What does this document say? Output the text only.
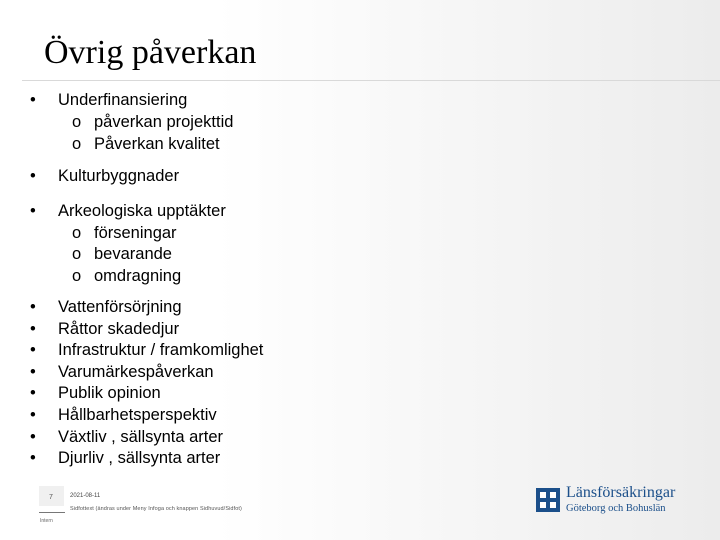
Övrig påverkan
• Underfinansiering
o påverkan projekttid
o Påverkan kvalitet
• Kulturbyggnader
• Arkeologiska upptäkter
o förseningar
o bevarande
o omdragning
• Vattenförsörjning
• Råttor skadedjur
• Infrastruktur / framkomlighet
• Varumärkespåverkan
• Publik opinion
• Hållbarhetsperspektiv
• Växtliv , sällsynta arter
• Djurliv , sällsynta arter
7
Intern
2021-08-11
Sidfottext (ändras under Meny Infoga och knappen Sidhuvud/Sidfot)
Länsförsäkringar
Göteborg och Bohuslän
